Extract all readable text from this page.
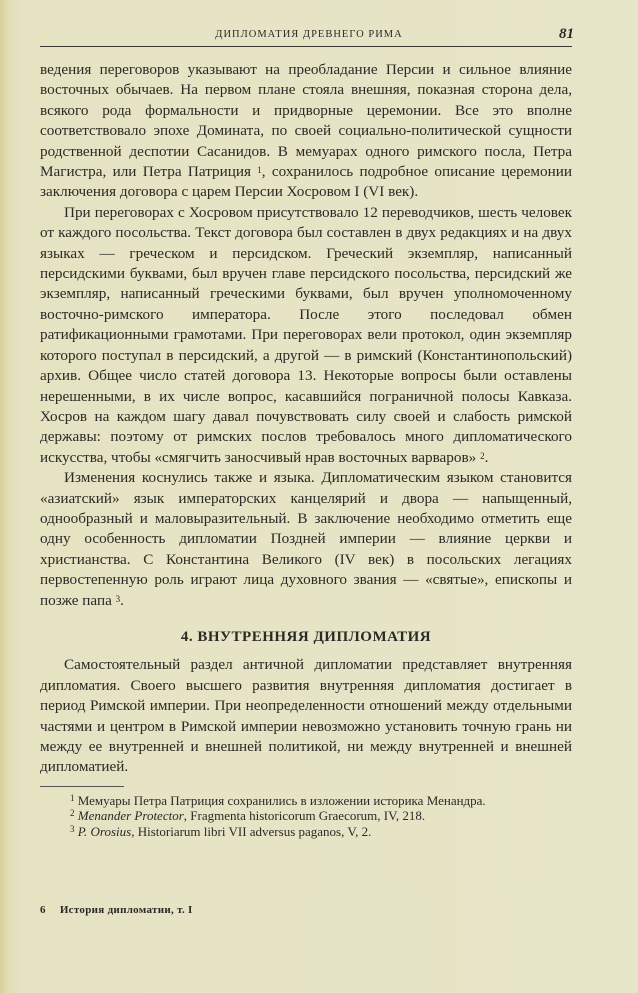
ДИПЛОМАТИЯ ДРЕВНЕГО РИМА	81

ведения переговоров указывают на преобладание Персии и сильное влияние восточных обычаев. На первом плане стояла внешняя, показная сторона дела, всякого рода формальности и придворные церемонии. Все это вполне соответствовало эпохе Домината, по своей социально-политической сущности родственной деспотии Сасанидов. В мемуарах одного римского посла, Петра Магистра, или Петра Патриция $^1$, сохранилось подробное описание церемонии заключения договора с царем Персии Хосровом I (VI век).

При переговорах с Хосровом присутствовало 12 переводчиков, шесть человек от каждого посольства. Текст договора был составлен в двух редакциях и на двух языках — греческом и персидском. Греческий экземпляр, написанный персидскими буквами, был вручен главе персидского посольства, персидский же экземпляр, написанный греческими буквами, был вручен уполномоченному восточно-римского императора. После этого последовал обмен ратификационными грамотами. При переговорах вели протокол, один экземпляр которого поступал в персидский, а другой — в римский (Константинопольский) архив. Общее число статей договора 13. Некоторые вопросы были оставлены нерешенными, в их числе вопрос, касавшийся пограничной полосы Кавказа. Хосров на каждом шагу давал почувствовать силу своей и слабость римской державы: поэтому от римских послов требовалось много дипломатического искусства, чтобы «смягчить заносчивый нрав восточных варваров» $^2$.

Изменения коснулись также и языка. Дипломатическим языком становится «азиатский» язык императорских канцелярий и двора — напыщенный, однообразный и маловыразительный. В заключение необходимо отметить еще одну особенность дипломатии Поздней империи — влияние церкви и христианства. С Константина Великого (IV век) в посольских легациях первостепенную роль играют лица духовного звания — «святые», епископы и позже папа $^3$.

4. ВНУТРЕННЯЯ ДИПЛОМАТИЯ

Самостоятельный раздел античной дипломатии представляет внутренняя дипломатия. Своего высшего развития внутренняя дипломатия достигает в период Римской империи. При неопределенности отношений между отдельными частями и центром в Римской империи невозможно установить точную грань ни между ее внутренней и внешней политикой, ни между внутренней и внешней дипломатией.

$^1$ Мемуары Петра Патриция сохранились в изложении историка Менандра.

$^2$ Menander Protector, Fragmenta historicorum Graecorum, IV, 218.

$^3$ P. Orosius, Historiarum libri VII adversus paganos, V, 2.

6 История дипломатии, т. I
